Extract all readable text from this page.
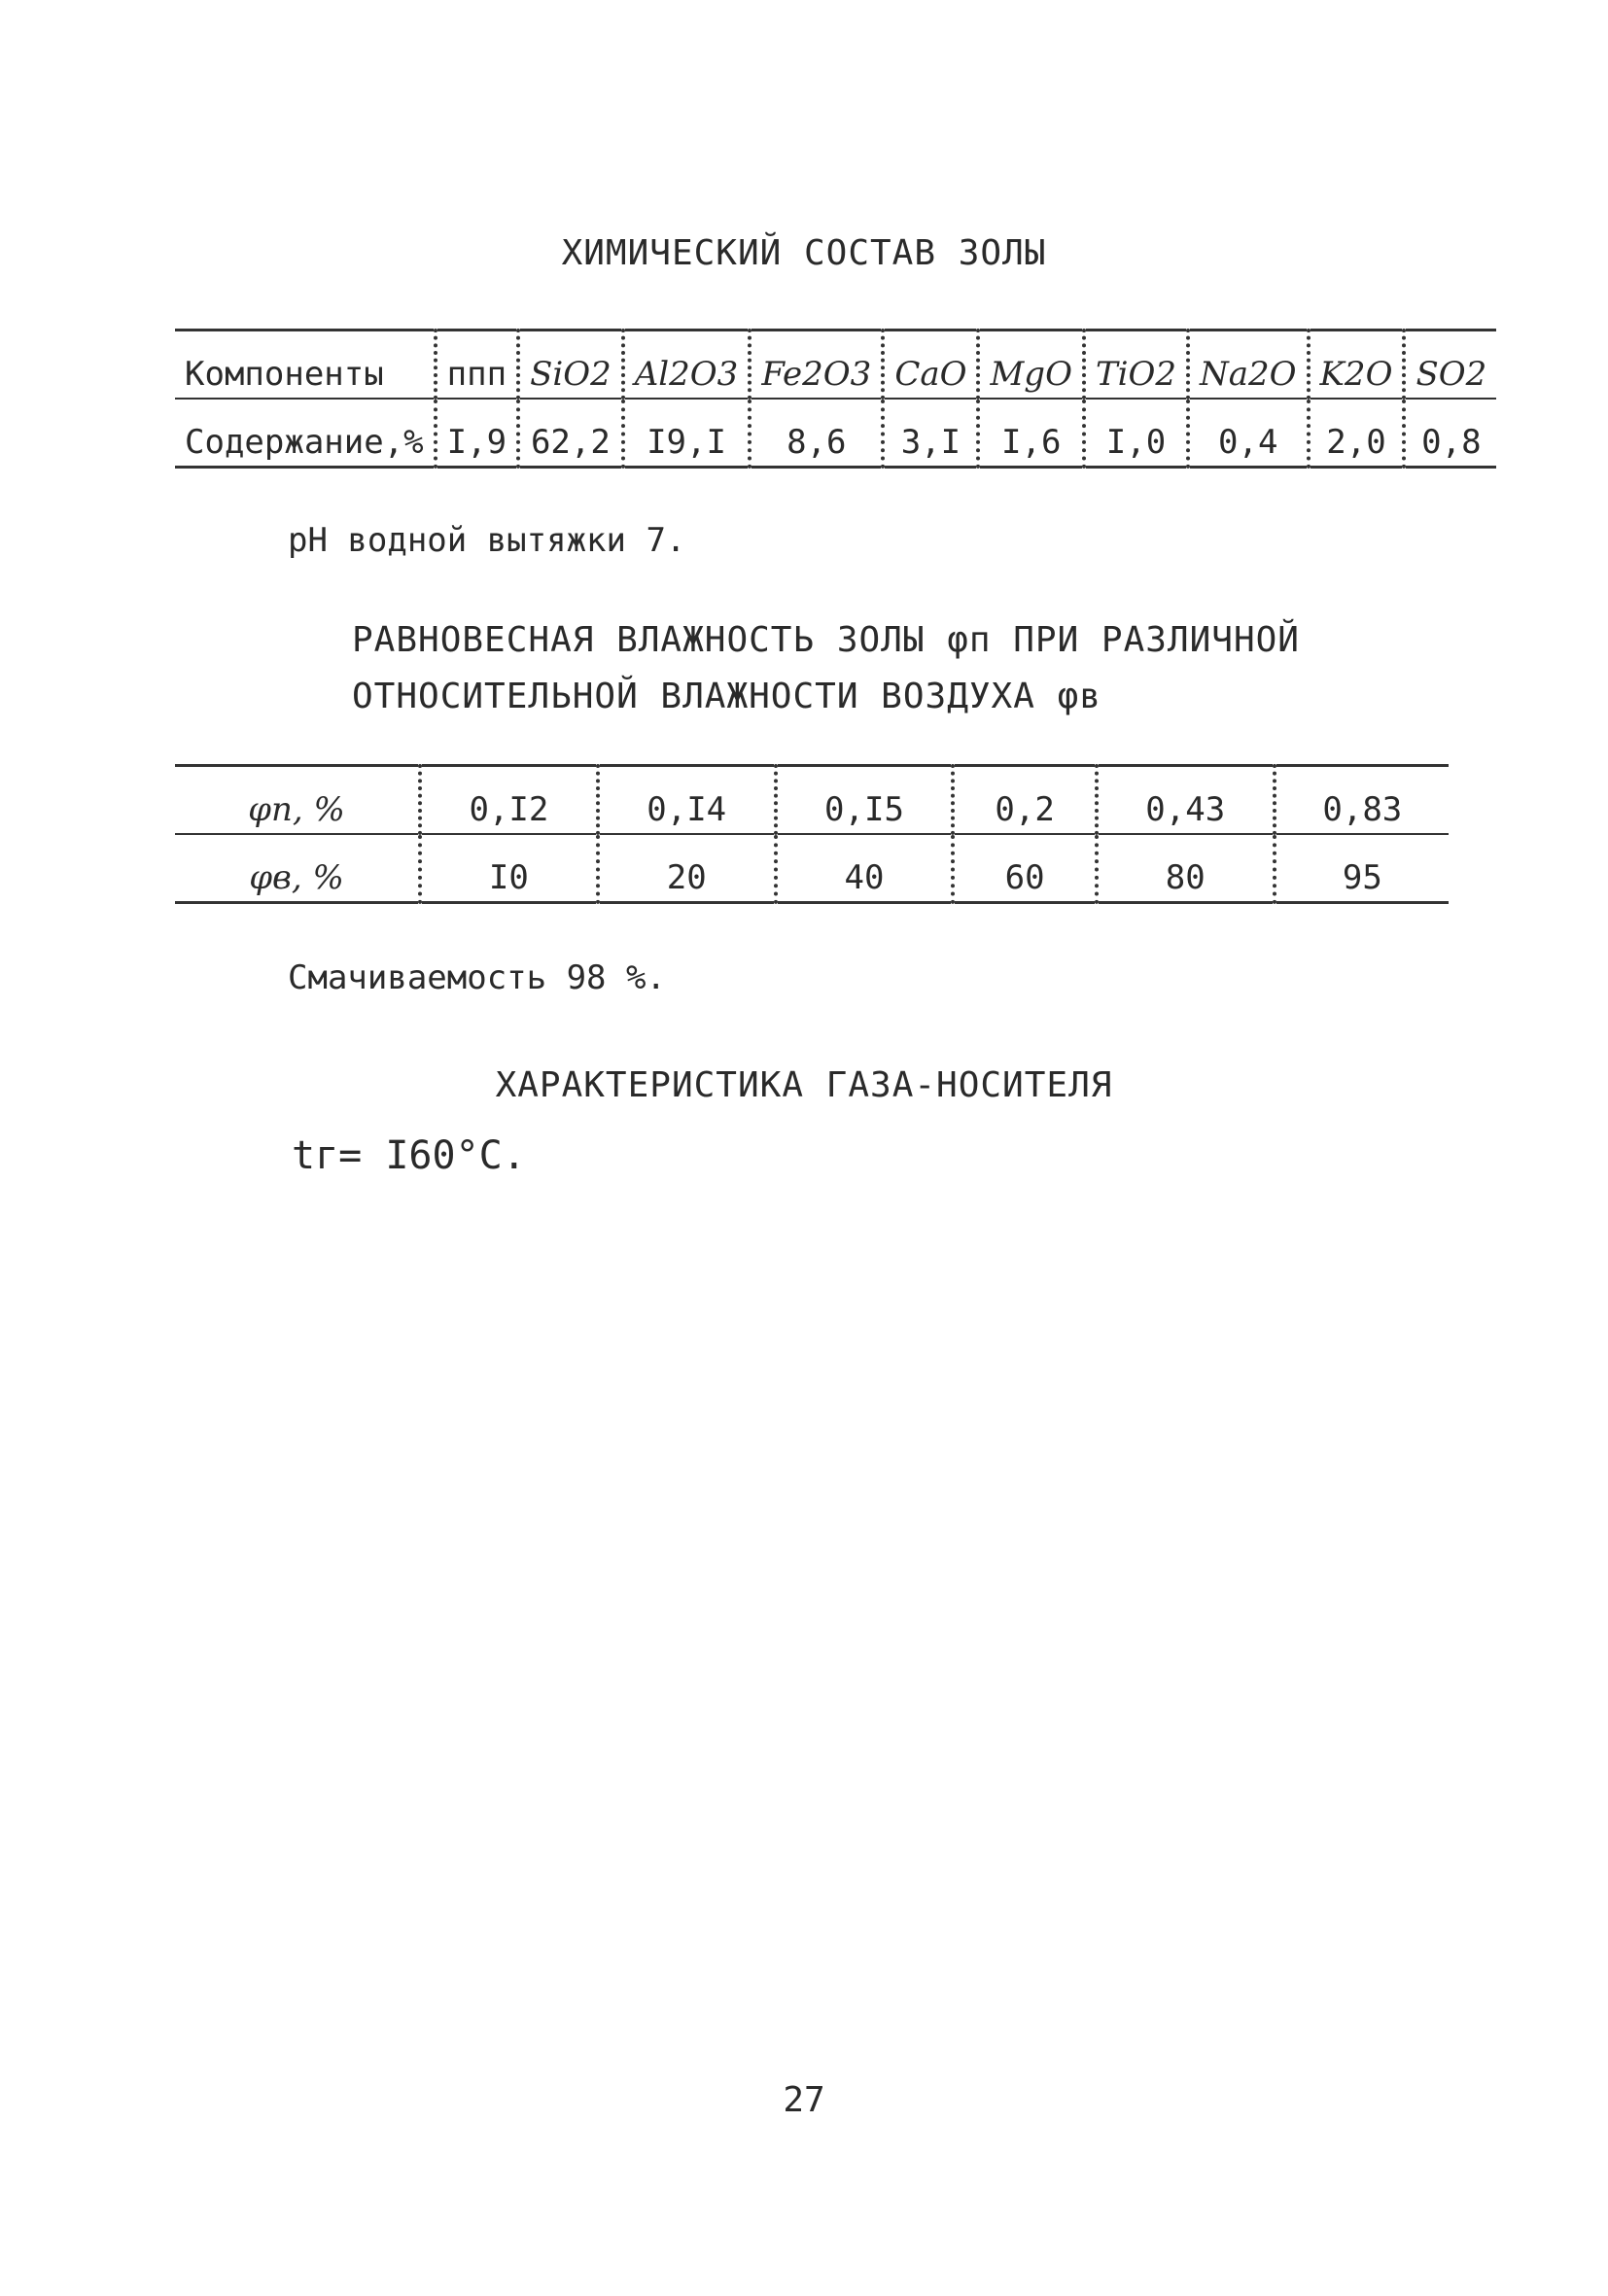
ХИМИЧЕСКИЙ СОСТАВ ЗОЛЫ
Компоненты	ппп	SiO2	Al2O3	Fe2O3	CaO	MgO	TiO2	Na2O	K2O	SO2
Содержание,%	I,9	62,2	I9,I	8,6	3,I	I,6	I,0	0,4	2,0	0,8
pH водной вытяжки 7.
РАВНОВЕСНАЯ ВЛАЖНОСТЬ ЗОЛЫ φп ПРИ РАЗЛИЧНОЙ
ОТНОСИТЕЛЬНОЙ ВЛАЖНОСТИ ВОЗДУХА φв
φп, %	0,I2	0,I4	0,I5	0,2	0,43	0,83
φв, %	I0	20	40	60	80	95
Смачиваемость 98 %.
ХАРАКТЕРИСТИКА ГАЗА-НОСИТЕЛЯ
tг= I60°C.
27
